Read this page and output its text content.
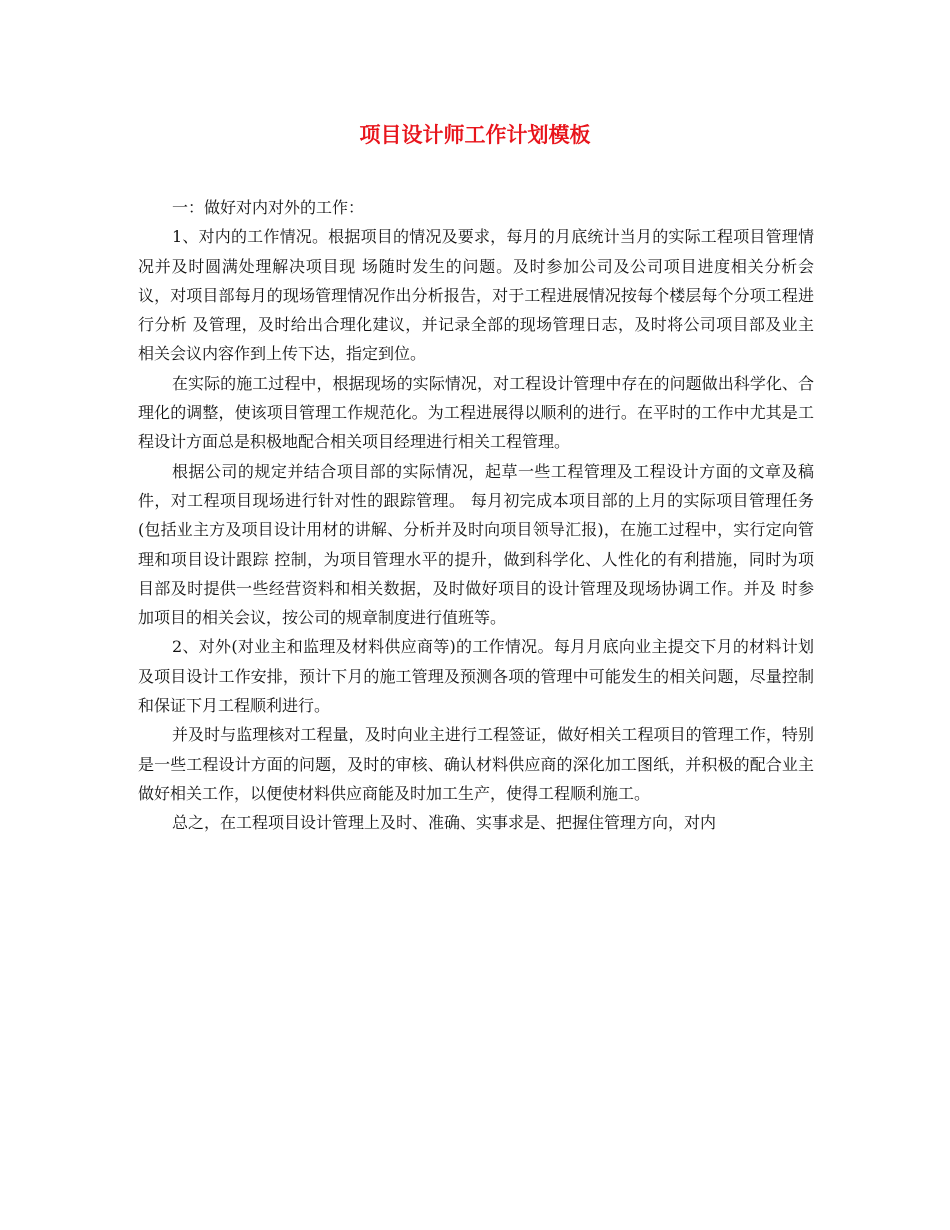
项目设计师工作计划模板

一：做好对内对外的工作：

1、对内的工作情况。根据项目的情况及要求，每月的月底统计当月的实际工程项目管理情况并及时圆满处理解决项目现 场随时发生的问题。及时参加公司及公司项目进度相关分析会议，对项目部每月的现场管理情况作出分析报告，对于工程进展情况按每个楼层每个分项工程进行分析 及管理，及时给出合理化建议，并记录全部的现场管理日志，及时将公司项目部及业主相关会议内容作到上传下达，指定到位。

在实际的施工过程中，根据现场的实际情况，对工程设计管理中存在的问题做出科学化、合理化的调整，使该项目管理工作规范化。为工程进展得以顺利的进行。在平时的工作中尤其是工程设计方面总是积极地配合相关项目经理进行相关工程管理。

根据公司的规定并结合项目部的实际情况，起草一些工程管理及工程设计方面的文章及稿件，对工程项目现场进行针对性的跟踪管理。 每月初完成本项目部的上月的实际项目管理任务(包括业主方及项目设计用材的讲解、分析并及时向项目领导汇报)，在施工过程中，实行定向管理和项目设计跟踪 控制，为项目管理水平的提升，做到科学化、人性化的有利措施，同时为项目部及时提供一些经营资料和相关数据，及时做好项目的设计管理及现场协调工作。并及 时参加项目的相关会议，按公司的规章制度进行值班等。

2、对外(对业主和监理及材料供应商等)的工作情况。每月月底向业主提交下月的材料计划及项目设计工作安排，预计下月的施工管理及预测各项的管理中可能发生的相关问题，尽量控制和保证下月工程顺利进行。

并及时与监理核对工程量，及时向业主进行工程签证，做好相关工程项目的管理工作，特别是一些工程设计方面的问题，及时的审核、确认材料供应商的深化加工图纸，并积极的配合业主做好相关工作，以便使材料供应商能及时加工生产，使得工程顺利施工。

总之，在工程项目设计管理上及时、准确、实事求是、把握住管理方向，对内
